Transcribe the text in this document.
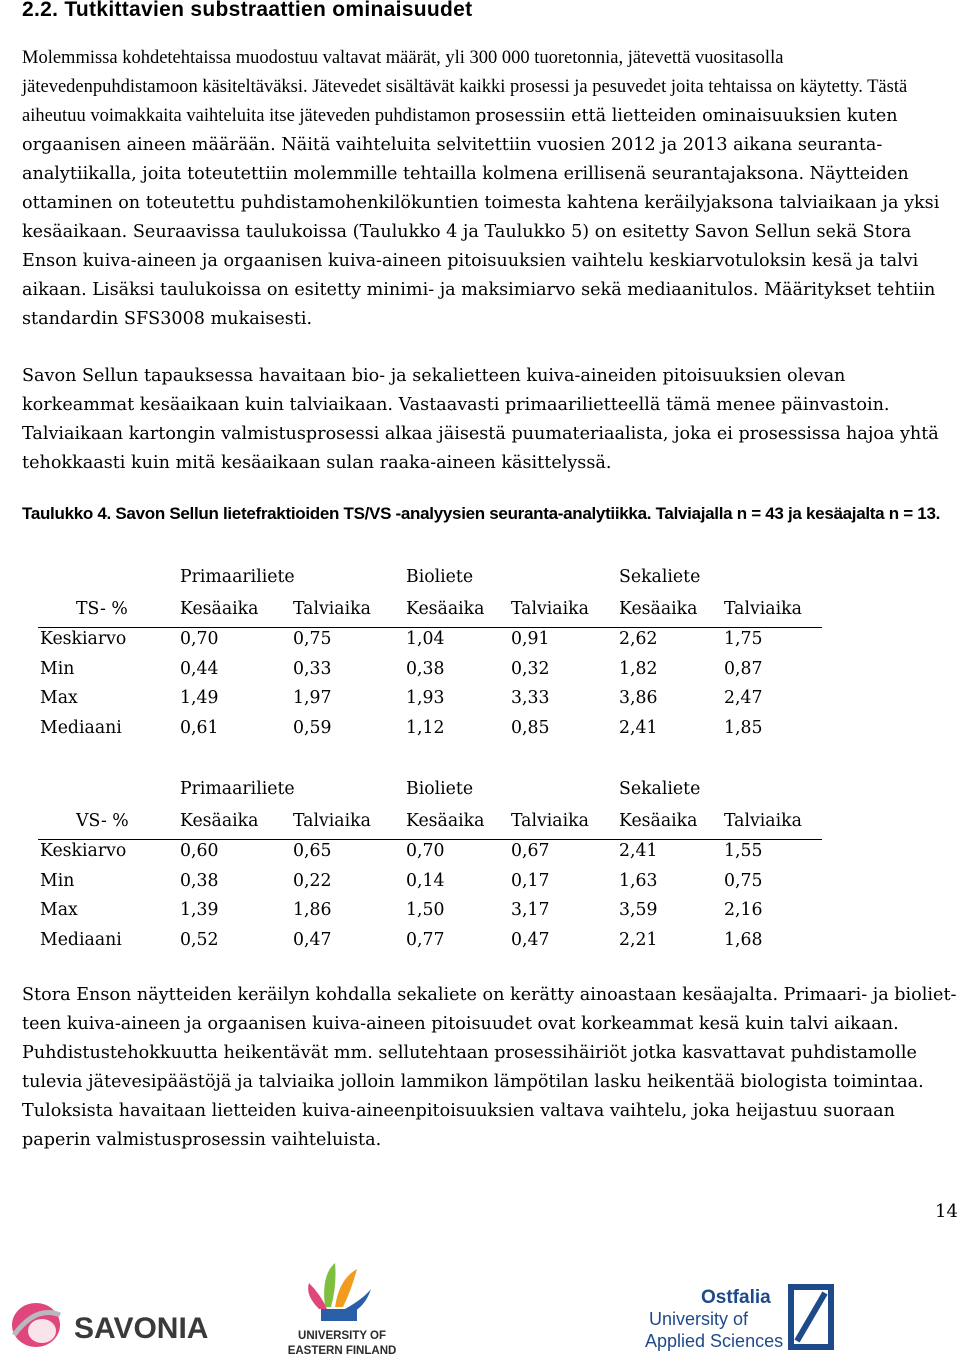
2.2. Tutkittavien substraattien ominaisuudet

Molemmissa kohdetehtaissa muodostuu valtavat määrät, yli 300 000 tuoretonnia, jätevettä vuositasolla jätevedenpuhdistamoon käsiteltäväksi. Jätevedet sisältävät kaikki prosessi ja pesuvedet joita tehtaissa on käytetty. Tästä aiheutuu voimakkaita vaihteluita itse jäteveden puhdistamon prosessiin että lietteiden ominaisuuksien kuten orgaanisen aineen määrään. Näitä vaihteluita selvitettiin vuosien 2012 ja 2013 aikana seuranta-analytiikalla, joita toteutettiin molemmille tehtailla kolmena erillisenä seurantajaksona. Näytteiden ottaminen on toteutettu puhdistamohenkilökuntien toimesta kahtena keräilyjaksona talviaikaan ja yksi kesäaikaan. Seuraavissa taulukoissa (Taulukko 4 ja Taulukko 5) on esitetty Savon Sellun sekä Stora Enson kuiva-aineen ja orgaanisen kuiva-aineen pitoisuuksien vaihtelu keskiarvotuloksin kesä ja talvi aikaan. Lisäksi taulukoissa on esitetty minimi- ja maksimiarvo sekä mediaanitulos. Määritykset tehtiin standardin SFS3008 mukaisesti.

Savon Sellun tapauksessa havaitaan bio- ja sekalietteen kuiva-aineiden pitoisuuksien olevan korkeammat kesäaikaan kuin talviaikaan. Vastaavasti primaarilietteellä tämä menee päinvastoin. Talviaikaan kartongin valmistusprosessi alkaa jäisestä puumateriaalista, joka ei prosessissa hajoa yhtä tehokkaasti kuin mitä kesäaikaan sulan raaka-aineen käsittelyssä.

Taulukko 4. Savon Sellun lietefraktioiden TS/VS -analyysien seuranta-analytiikka. Talviajalla n = 43 ja kesäajalta n = 13.

Primaariliete	Bioliete	Sekaliete
TS- %	Kesäaika Talviaika Kesäaika Talviaika Kesäaika Talviaika
Keskiarvo	0,70	0,75	1,04	0,91	2,62	1,75
Min	0,44	0,33	0,38	0,32	1,82	0,87
Max	1,49	1,97	1,93	3,33	3,86	2,47
Mediaani	0,61	0,59	1,12	0,85	2,41	1,85
Primaariliete	Bioliete	Sekaliete
VS- %	Kesäaika Talviaika Kesäaika Talviaika Kesäaika Talviaika
Keskiarvo	0,60	0,65	0,70	0,67	2,41	1,55
Min	0,38	0,22	0,14	0,17	1,63	0,75
Max	1,39	1,86	1,50	3,17	3,59	2,16
Mediaani	0,52	0,47	0,77	0,47	2,21	1,68

Stora Enson näytteiden keräilyn kohdalla sekaliete on kerätty ainoastaan kesäajalta. Primaari- ja biolietteen kuiva-aineen ja orgaanisen kuiva-aineen pitoisuudet ovat korkeammat kesä kuin talvi aikaan. Puhdistustehokkuutta heikentävät mm. sellutehtaan prosessihäiriöt jotka kasvattavat puhdistamolle tulevia jätevesipäästöjä ja talviaika jolloin lammikon lämpötilan lasku heikentää biologista toimintaa. Tuloksista havaitaan lietteiden kuiva-aineenpitoisuuksien valtava vaihtelu, joka heijastuu suoraan paperin valmistusprosessin vaihteluista.

14
SAVONIA	UNIVERSITY OF
EASTERN FINLAND
Ostfalia
University of
Applied Sciences
